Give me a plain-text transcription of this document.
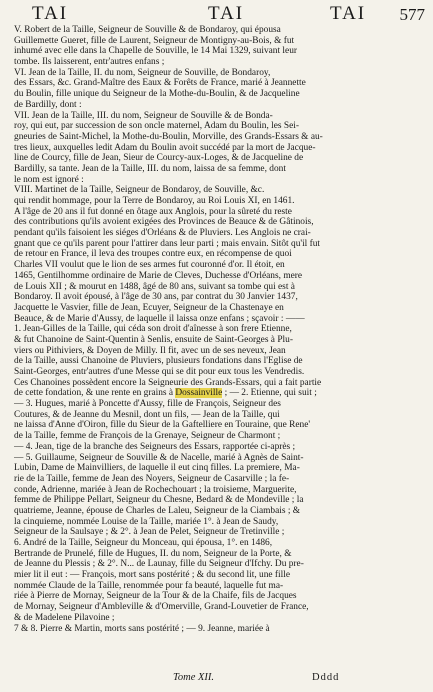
TAI	TAI	TAI 577
V. Robert de la Taille, Seigneur de Souville & de Bondaroy, qui épousa
Guillemette Gueret, fille de Laurent, Seigneur de Montigny-au-Bois, & fut
inhumé avec elle dans la Chapelle de Souville, le 14 Mai 1329, suivant leur
tombe. Ils laisserent, entr'autres enfans ;
VI. Jean de la Taille, II. du nom, Seigneur de Souville, de Bondaroy,
des Essars, &c. Grand-Maître des Eaux & Forêts de France, marié à Jeannette
du Boulin, fille unique du Seigneur de la Mothe-du-Boulin, & de Jacqueline
de Bardilly, dont :
VII. Jean de la Taille, III. du nom, Seigneur de Souville & de Bonda-
roy, qui eut, par succession de son oncle maternel, Adam du Boulin, les Sei-
gneuries de Saint-Michel, la Mothe-du-Boulin, Morville, des Grands-Essars & au-
tres lieux, auxquelles ledit Adam du Boulin avoit succédé par la mort de Jacque-
line de Courcy, fille de Jean, Sieur de Courcy-aux-Loges, & de Jacqueline de
Bardilly, sa tante. Jean de la Taille, III. du nom, laissa de sa femme, dont
le nom est ignoré :
VIII. Martinet de la Taille, Seigneur de Bondaroy, de Souville, &c.
qui rendit hommage, pour la Terre de Bondaroy, au Roi Louis XI, en 1461.
A l'âge de 20 ans il fut donné en ôtage aux Anglois, pour la sûreté du reste
des contributions qu'ils avoient exigées des Provinces de Beauce & de Gâtinois,
pendant qu'ils faisoient les siéges d'Orléans & de Pluviers. Les Anglois ne crai-
gnant que ce qu'ils parent pour l'attirer dans leur parti ; mais envain. Sitôt qu'il fut
de retour en France, il leva des troupes contre eux, en récompense de quoi
Charles VII voulut que le lion de ses armes fut couronné d'or. Il étoit, en
1465, Gentilhomme ordinaire de Marie de Cleves, Duchesse d'Orléans, mere
de Louis XII ; & mourut en 1488, âgé de 80 ans, suivant sa tombe qui est à
Bondaroy. Il avoit épousé, à l'âge de 30 ans, par contrat du 30 Janvier 1437,
Jacquette le Vasvier, fille de Jean, Ecuyer, Seigneur de la Chastenaye en
Beauce, & de Marie d'Aussy, de laquelle il laissa onze enfans ; sçavoir : ――
1. Jean-Gilles de la Taille, qui céda son droit d'aînesse à son frere Etienne,
& fut Chanoine de Saint-Quentin à Senlis, ensuite de Saint-Georges à Plu-
viers ou Pithiviers, & Doyen de Milly. Il fit, avec un de ses neveux, Jean
de la Taille, aussi Chanoine de Pluviers, plusieurs fondations dans l'Eglise de
Saint-Georges, entr'autres d'une Messe qui se dit pour eux tous les Vendredis.
Ces Chanoines possèdent encore la Seigneurie des Grands-Essars, qui a fait partie
de cette fondation, & une rente en grains à Dossainville ; ― 2. Etienne, qui suit ;
― 3. Hugues, marié à Poncette d'Aussy, fille de François, Seigneur des
Coutures, & de Jeanne du Mesnil, dont un fils, ― Jean de la Taille, qui
ne laissa d'Anne d'Oiron, fille du Sieur de la Gaftelliere en Touraine, que Rene'
de la Taille, femme de François de la Grenaye, Seigneur de Charmont ;
― 4. Jean, tige de la branche des Seigneurs des Essars, rapportée ci-après ;
― 5. Guillaume, Seigneur de Souville & de Nacelle, marié à Agnès de Saint-
Lubin, Dame de Mainvilliers, de laquelle il eut cinq filles. La premiere, Ma-
rie de la Taille, femme de Jean des Noyers, Seigneur de Casarville ; la fe-
conde, Adrienne, mariée à Jean de Rochechouart ; la troisieme, Marguerite,
femme de Philippe Pellart, Seigneur du Chesne, Bedard & de Mondeville ; la
quatrieme, Jeanne, épouse de Charles de Laleu, Seigneur de la Ciambais ; &
la cinquieme, nommée Louise de la Taille, mariée 1°. à Jean de Saudy,
Seigneur de la Saulsaye ; & 2°. à Jean de Pelet, Seigneur de Tretinville ;
6. André de la Taille, Seigneur du Monceau, qui épousa, 1°. en 1486,
Bertrande de Prunelé, fille de Hugues, II. du nom, Seigneur de la Porte, &
de Jeanne du Plessis ; & 2°. N... de Launay, fille du Seigneur d'Ifchy. Du pre-
mier lit il eut : ― François, mort sans postérité ; & du second lit, une fille
nommée Claude de la Taille, renommée pour fa beauté, laquelle fut ma-
riée à Pierre de Mornay, Seigneur de la Tour & de la Chaife, fils de Jacques
de Mornay, Seigneur d'Ambleville & d'Omerville, Grand-Louvetier de France,
& de Madelene Pilavoine ;
7 & 8. Pierre & Martin, morts sans postérité ; ― 9. Jeanne, mariée à
Tome XII.	Dddd
